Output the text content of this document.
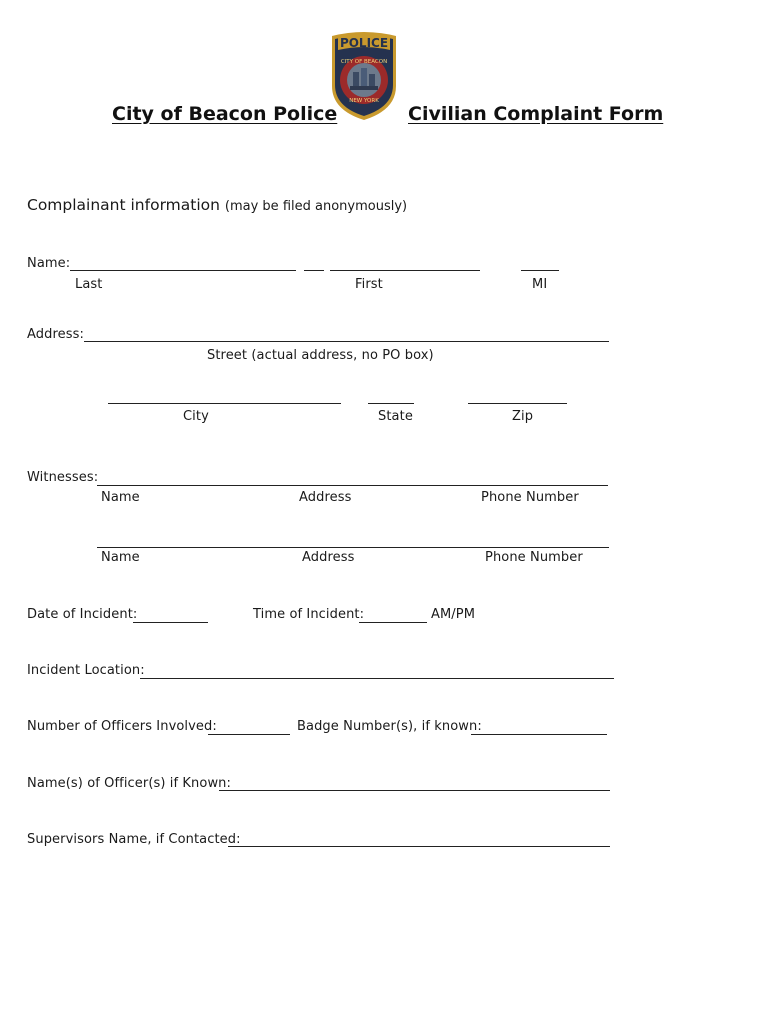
City of Beacon Police

POLICE
CITY OF BEACON
NEW YORK
Civilian Complaint Form
Complainant information (may be filed anonymously)
Name:
Last	First	MI
Address:
Street (actual address, no PO box)
City	State	Zip
Witnesses:
Name	Address	Phone Number
Name	Address	Phone Number
Date of Incident:	Time of Incident:	AM/PM
Incident Location:
Number of Officers Involved:	Badge Number(s), if known:
Name(s) of Officer(s) if Known:
Supervisors Name, if Contacted:
